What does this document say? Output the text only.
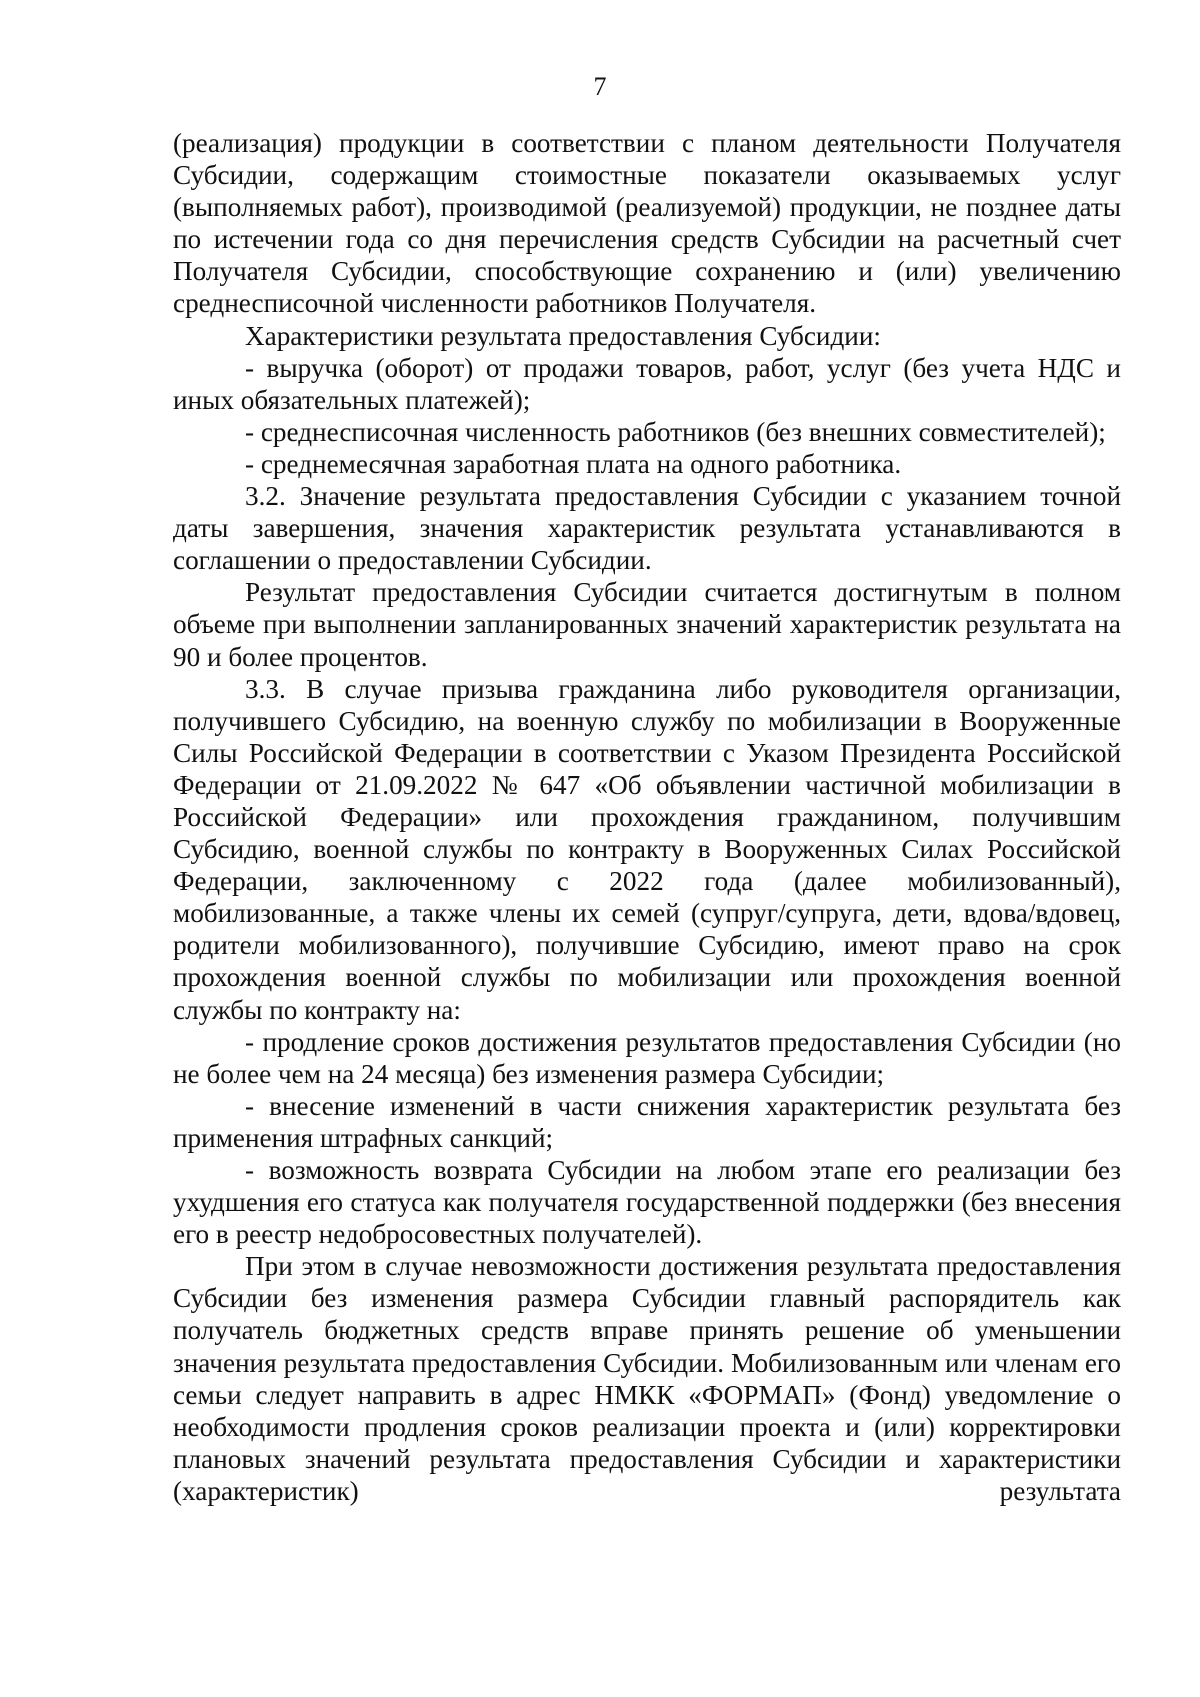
7

(реализация) продукции в соответствии с планом деятельности Получателя Субсидии, содержащим стоимостные показатели оказываемых услуг (выполняемых работ), производимой (реализуемой) продукции, не позднее даты по истечении года со дня перечисления средств Субсидии на расчетный счет Получателя Субсидии, способствующие сохранению и (или) увеличению среднесписочной численности работников Получателя.

Характеристики результата предоставления Субсидии:

- выручка (оборот) от продажи товаров, работ, услуг (без учета НДС и иных обязательных платежей);

- среднесписочная численность работников (без внешних совместителей);

- среднемесячная заработная плата на одного работника.

3.2. Значение результата предоставления Субсидии с указанием точной даты завершения, значения характеристик результата устанавливаются в соглашении о предоставлении Субсидии.

Результат предоставления Субсидии считается достигнутым в полном объеме при выполнении запланированных значений характеристик результата на 90 и более процентов.

3.3. В случае призыва гражданина либо руководителя организации, получившего Субсидию, на военную службу по мобилизации в Вооруженные Силы Российской Федерации в соответствии с Указом Президента Российской Федерации от 21.09.2022 № 647 «Об объявлении частичной мобилизации в Российской Федерации» или прохождения гражданином, получившим Субсидию, военной службы по контракту в Вооруженных Силах Российской Федерации, заключенному с 2022 года (далее мобилизованный), мобилизованные, а также члены их семей (супруг/супруга, дети, вдова/вдовец, родители мобилизованного), получившие Субсидию, имеют право на срок прохождения военной службы по мобилизации или прохождения военной службы по контракту на:

- продление сроков достижения результатов предоставления Субсидии (но не более чем на 24 месяца) без изменения размера Субсидии;

- внесение изменений в части снижения характеристик результата без применения штрафных санкций;

- возможность возврата Субсидии на любом этапе его реализации без ухудшения его статуса как получателя государственной поддержки (без внесения его в реестр недобросовестных получателей).

При этом в случае невозможности достижения результата предоставления Субсидии без изменения размера Субсидии главный распорядитель как получатель бюджетных средств вправе принять решение об уменьшении значения результата предоставления Субсидии. Мобилизованным или членам его семьи следует направить в адрес НМКК «ФОРМАП» (Фонд) уведомление о необходимости продления сроков реализации проекта и (или) корректировки плановых значений результата предоставления Субсидии и характеристики (характеристик) результата
